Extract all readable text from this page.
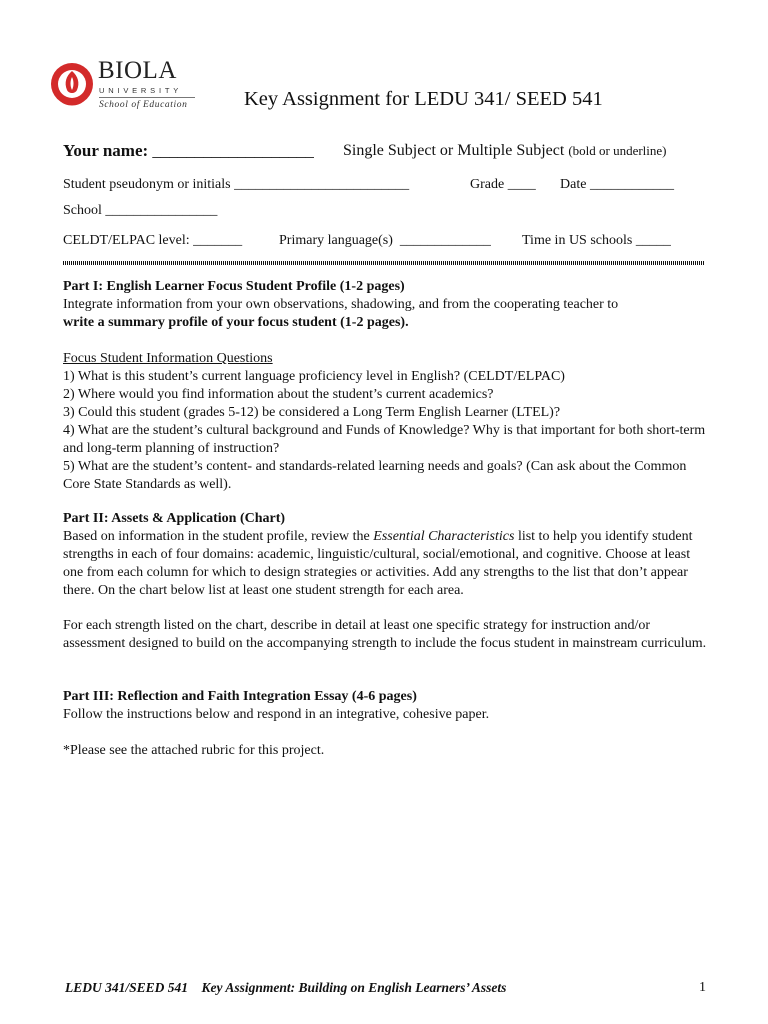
BIOLA
UNIVERSITY
School of Education	Key Assignment for LEDU 341/ SEED 541
Your name: ___________________ Single Subject or Multiple Subject (bold or underline)
Student pseudonym or initials _________________________	Grade ____ Date ____________
School ________________
CELDT/ELPAC level: _______	Primary language(s) _____________ Time in US schools _____

Part I: English Learner Focus Student Profile (1-2 pages)

Integrate information from your own observations, shadowing, and from the cooperating teacher to

write a summary profile of your focus student (1-2 pages).

Focus Student Information Questions

1) What is this student’s current language proficiency level in English? (CELDT/ELPAC)

2) Where would you find information about the student’s current academics?

3) Could this student (grades 5-12) be considered a Long Term English Learner (LTEL)?

4) What are the student’s cultural background and Funds of Knowledge? Why is that important for both short-term and long-term planning of instruction?

5) What are the student’s content- and standards-related learning needs and goals? (Can ask about the Common Core State Standards as well).

Part II: Assets & Application (Chart)

Based on information in the student profile, review the Essential Characteristics list to help you identify student strengths in each of four domains: academic, linguistic/cultural, social/emotional, and cognitive. Choose at least one from each column for which to design strategies or activities. Add any strengths to the list that don’t appear there. On the chart below list at least one student strength for each area.

For each strength listed on the chart, describe in detail at least one specific strategy for instruction and/or assessment designed to build on the accompanying strength to include the focus student in mainstream curriculum.

Part III: Reflection and Faith Integration Essay (4-6 pages)

Follow the instructions below and respond in an integrative, cohesive paper.

*Please see the attached rubric for this project.

LEDU 341/SEED 541    Key Assignment: Building on English Learners’ Assets	1
